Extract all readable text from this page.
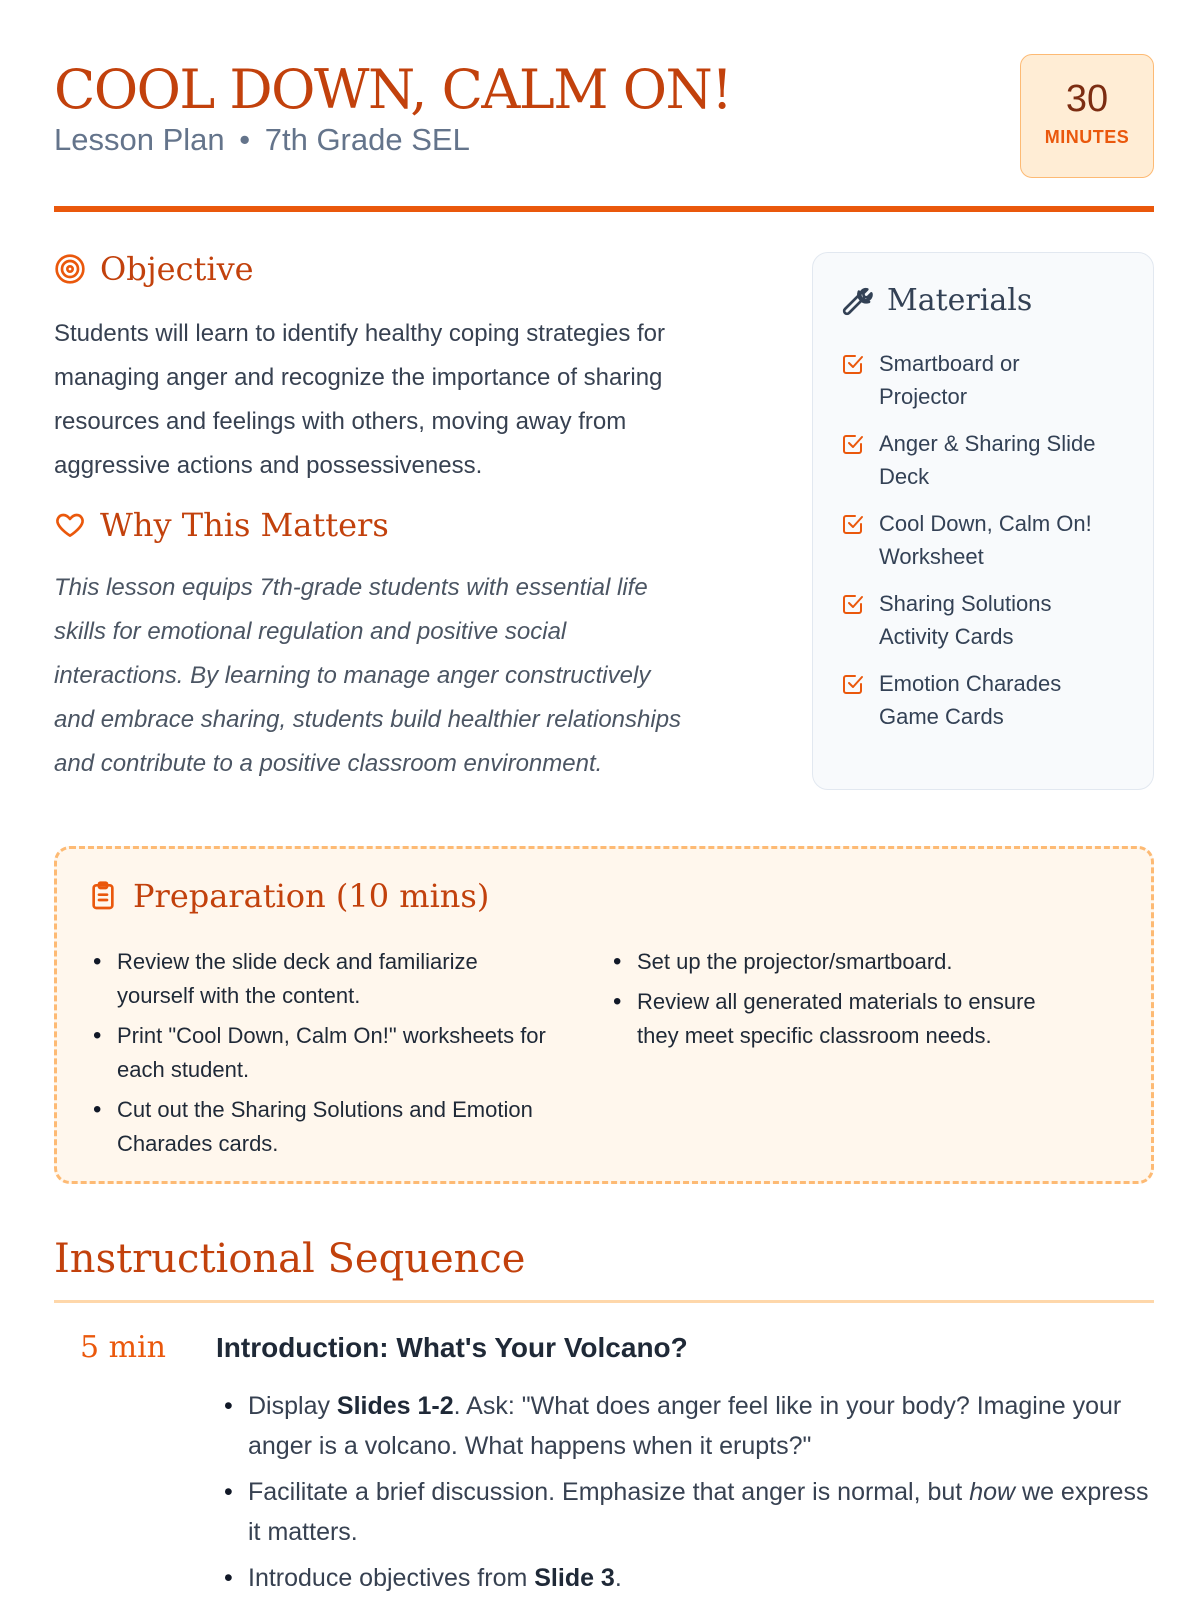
COOL DOWN, CALM ON!
Lesson Plan • 7th Grade SEL
30
MINUTES
Objective
Students will learn to identify healthy coping strategies for
managing anger and recognize the importance of sharing
resources and feelings with others, moving away from
aggressive actions and possessiveness.
Why This Matters
This lesson equips 7th-grade students with essential life
skills for emotional regulation and positive social
interactions. By learning to manage anger constructively
and embrace sharing, students build healthier relationships
and contribute to a positive classroom environment.
Materials
Smartboard or
Projector
Anger & Sharing Slide
Deck
Cool Down, Calm On!
Worksheet
Sharing Solutions
Activity Cards
Emotion Charades
Game Cards
Preparation (10 mins)
• Review the slide deck and familiarize
yourself with the content.
• Print "Cool Down, Calm On!" worksheets for
each student.
• Cut out the Sharing Solutions and Emotion
Charades cards.
• Set up the projector/smartboard.
• Review all generated materials to ensure
they meet specific classroom needs.
Instructional Sequence
5 min Introduction: What's Your Volcano?
• Display Slides 1-2. Ask: "What does anger feel like in your body? Imagine your anger is a volcano. What happens when it erupts?"
• Facilitate a brief discussion. Emphasize that anger is normal, but how we express it matters.
• Introduce objectives from Slide 3.
